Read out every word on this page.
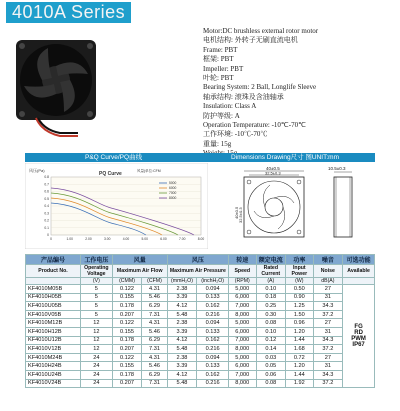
4010A Series
Motor:DC brushless external rotor motor
电机结构: 外转子无刷直流电机
Frame: PBT
框架: PBT
Impeller: PBT
叶轮: PBT
Bearing System: 2 Ball, Longlife Sleeve
轴承结构: 滚珠及含油轴承
Insulation: Class A
防护等级: A
Operation Temperature: -10℃-70℃
工作环境: -10℃-70℃
重量: 15g
P&Q Curve/PQ曲线	Dimensions Drawing尺寸 图UNIT:mm
风压(Pa)	风量(单位:CFM
PQ Curve
0.8
0.7
0.6
0.5
0.4
0.3
0.2
0.1
0
0	1.00	2.00	3.00	4.00	5.00	6.00	7.00	8.00
5000
6000
7000
8000
40±0.5
32.5±0.3
40±0.5 32.5±0.3
10.5±0.3
产品编号	工作电压	风量		风压		转速	额定电流	功率	噪音	可选功能
Product No.	Operating Voltage	Maximum Air Flow		Maximum Air Pressure		Speed	Rated Current	Input Power	Noise	Available
	(V)	(CMM)	(CFM)	(mmH₂O)	(inchH₂O)	(RPM)	(A)	(W)	dB(A)	
KF4010M05B	5	0.122	4.31	2.38	0.094	5,000	0.10	0.50	27	FG
RD
PWM
IP67

KF4010H05B	5	0.155	5.46	3.39	0.133	6,000	0.18	0.90	31	
KF4010U05B	5	0.178	6.29	4.12	0.162	7,000	0.25	1.25	34.3	
KF4010V05B	5	0.207	7.31	5.48	0.216	8,000	0.30	1.50	37.2	
KF4010M12B	12	0.122	4.31	2.38	0.094	5,000	0.08	0.96	27	
KF4010H12B	12	0.155	5.46	3.39	0.133	6,000	0.10	1.20	31	
KF4010U12B	12	0.178	6.29	4.12	0.162	7,000	0.12	1.44	34.3	
KF4010V12B	12	0.207	7.31	5.48	0.216	8,000	0.14	1.68	37.2	
KF4010M24B	24	0.122	4.31	2.38	0.094	5,000	0.03	0.72	27	
KF4010H24B	24	0.155	5.46	3.39	0.133	6,000	0.05	1.20	31	
KF4010U24B	24	0.178	6.29	4.12	0.162	7,000	0.06	1.44	34.3	
KF4010V24B	24	0.207	7.31	5.48	0.216	8,000	0.08	1.92	37.2	
